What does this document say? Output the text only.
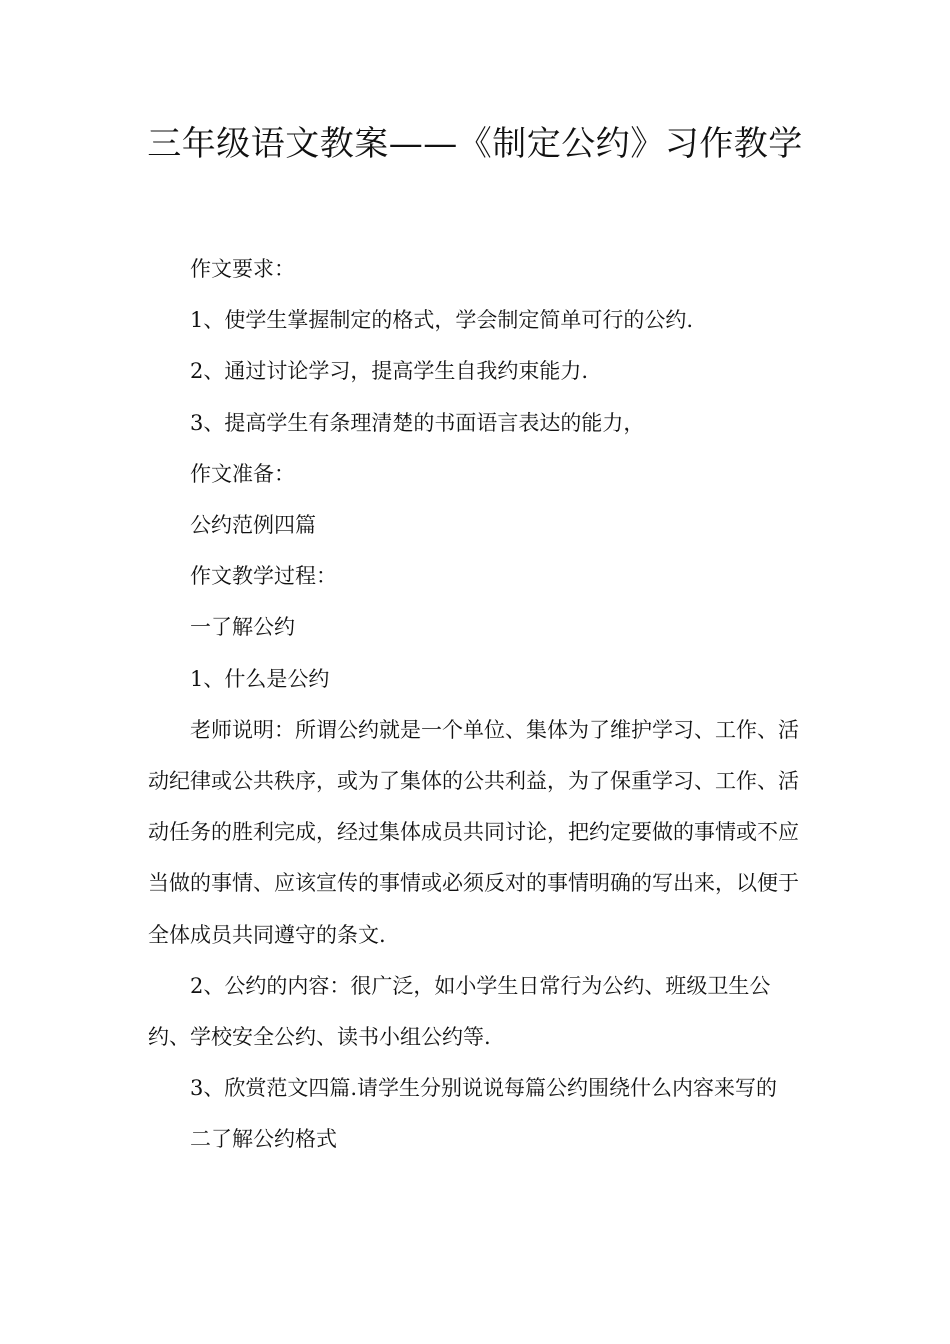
三年级语文教案——《制定公约》习作教学

作文要求：

1、使学生掌握制定的格式，学会制定简单可行的公约.

2、通过讨论学习，提高学生自我约束能力.

3、提高学生有条理清楚的书面语言表达的能力，

作文准备：

公约范例四篇

作文教学过程：

一了解公约

1、什么是公约

老师说明：所谓公约就是一个单位、集体为了维护学习、工作、活动纪律或公共秩序，或为了集体的公共利益，为了保重学习、工作、活动任务的胜利完成，经过集体成员共同讨论，把约定要做的事情或不应当做的事情、应该宣传的事情或必须反对的事情明确的写出来，以便于全体成员共同遵守的条文.

2、公约的内容：很广泛，如小学生日常行为公约、班级卫生公约、学校安全公约、读书小组公约等.

3、欣赏范文四篇.请学生分别说说每篇公约围绕什么内容来写的

二了解公约格式
